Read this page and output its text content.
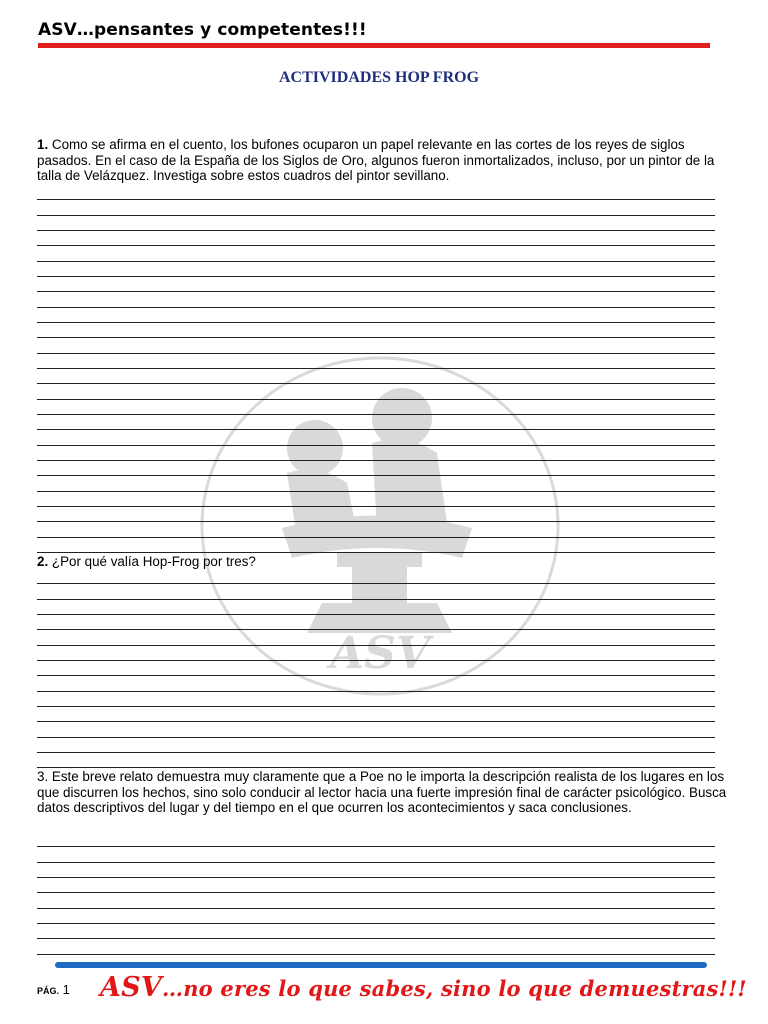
ASV…pensantes y competentes!!!
ACTIVIDADES HOP FROG
ASV
1. Como se afirma en el cuento, los bufones ocuparon un papel relevante en las cortes de los reyes de siglos pasados. En el caso de la España de los Siglos de Oro, algunos fueron inmortalizados, incluso, por un pintor de la talla de Velázquez. Investiga sobre estos cuadros del pintor sevillano.
2. ¿Por qué valía Hop-Frog por tres?
3. Este breve relato demuestra muy claramente que a Poe no le importa la descripción realista de los lugares en los que discurren los hechos, sino solo conducir al lector hacia una fuerte impresión final de carácter psicológico. Busca datos descriptivos del lugar y del tiempo en el que ocurren los acontecimientos y saca conclusiones.
PÁG. 1 ASV…no eres lo que sabes, sino lo que demuestras!!!
